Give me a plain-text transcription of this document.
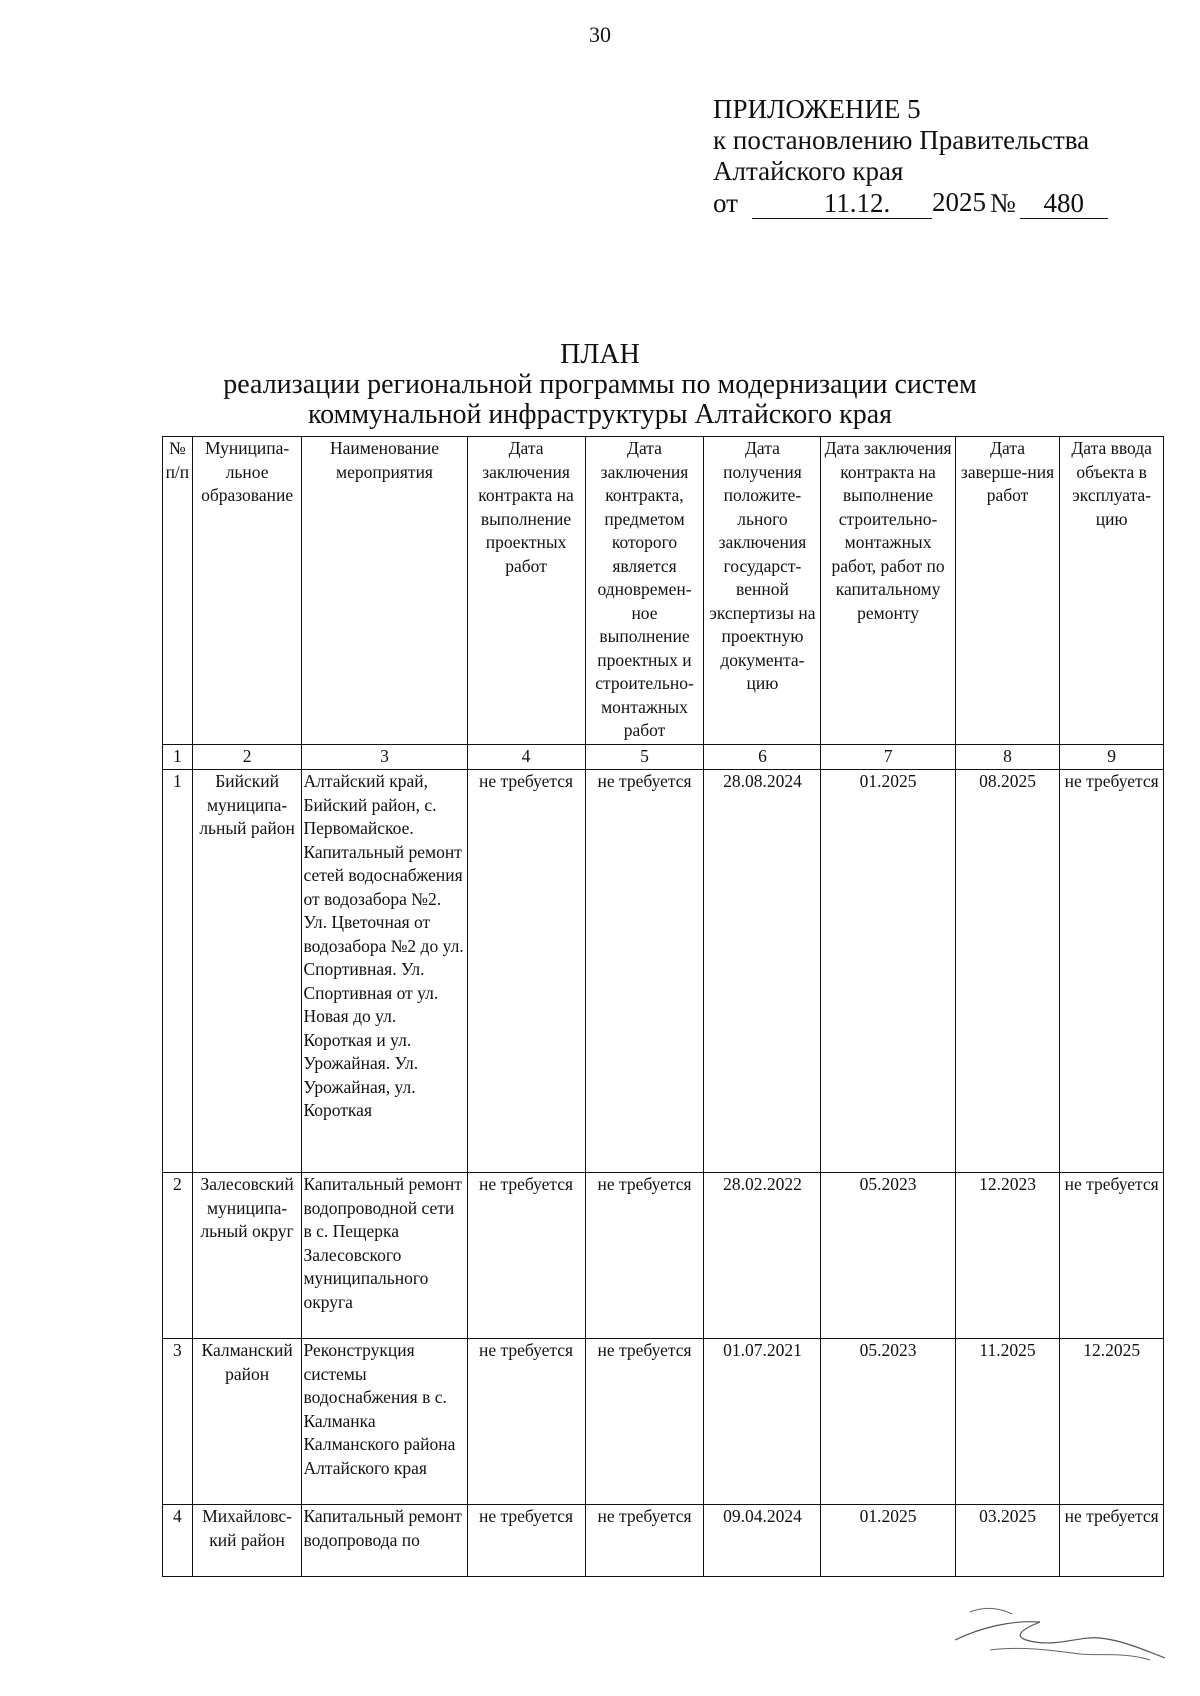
30
ПРИЛОЖЕНИЕ 5
к постановлению Правительства
Алтайского края
от	11.12.	2025 №	480
ПЛАН
реализации региональной программы по модернизации систем
коммунальной инфраструктуры Алтайского края
№ п/п	Муниципа-льное образование	Наименование мероприятия	Дата заключения контракта на выполнение проектных работ	Дата заключения контракта, предметом которого является одновремен-ное выполнение проектных и строительно-монтажных работ	Дата получения положите-льного заключения государст-венной экспертизы на проектную документа-цию	Дата заключения контракта на выполнение строительно-монтажных работ, работ по капитальному ремонту	Дата заверше-ния работ	Дата ввода объекта в эксплуата-цию
1	2	3	4	5	6	7	8	9
1	Бийский муниципа-льный район	Алтайский край, Бийский район, с. Первомайское. Капитальный ремонт сетей водоснабжения от водозабора №2. Ул. Цветочная от водозабора №2 до ул. Спортивная. Ул. Спортивная от ул. Новая до ул. Короткая и ул. Урожайная. Ул. Урожайная, ул. Короткая	не требуется	не требуется	28.08.2024	01.2025	08.2025	не требуется
2	Залесовский муниципа-льный округ	Капитальный ремонт водопроводной сети в с. Пещерка Залесовского муниципального округа	не требуется	не требуется	28.02.2022	05.2023	12.2023	не требуется
3	Калманский район	Реконструкция системы водоснабжения в с. Калманка Калманского района Алтайского края	не требуется	не требуется	01.07.2021	05.2023	11.2025	12.2025
4	Михайловс-кий район	Капитальный ремонт водопровода по	не требуется	не требуется	09.04.2024	01.2025	03.2025	не требуется
